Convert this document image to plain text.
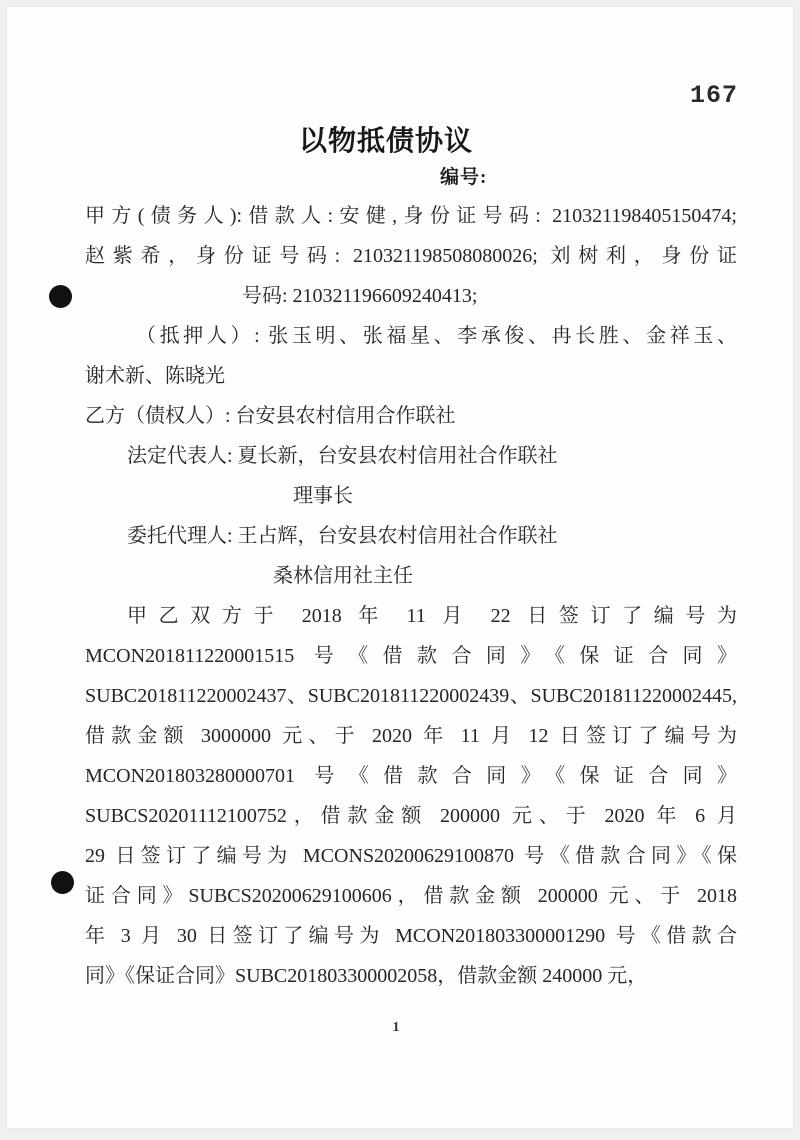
167
以物抵债协议
编号:
甲方(债务人):借款人:安健,身份证号码: 210321198405150474;
赵紫希，身份证号码: 210321198508080026; 刘树利，身份证
号码: 210321196609240413;
（抵押人）: 张玉明、张福星、李承俊、冉长胜、金祥玉、
谢术新、陈晓光
乙方（债权人）: 台安县农村信用合作联社
法定代表人: 夏长新，台安县农村信用社合作联社
理事长
委托代理人: 王占辉，台安县农村信用社合作联社
桑林信用社主任
甲乙双方于 2018 年 11 月 22 日签订了编号为
MCON201811220001515 号《借款合同》《保证合同》
SUBC201811220002437、SUBC201811220002439、SUBC201811220002445,
借款金额 3000000 元、于 2020 年 11 月 12 日签订了编号为
MCON201803280000701 号《借款合同》《保证合同》
SUBCS20201112100752，借款金额 200000 元、于 2020 年 6 月
29 日签订了编号为 MCONS20200629100870 号《借款合同》《保
证合同》SUBCS20200629100606，借款金额 200000 元、于 2018
年 3 月 30 日签订了编号为 MCON201803300001290 号《借款合
同》《保证合同》SUBC201803300002058，借款金额 240000 元，
1
